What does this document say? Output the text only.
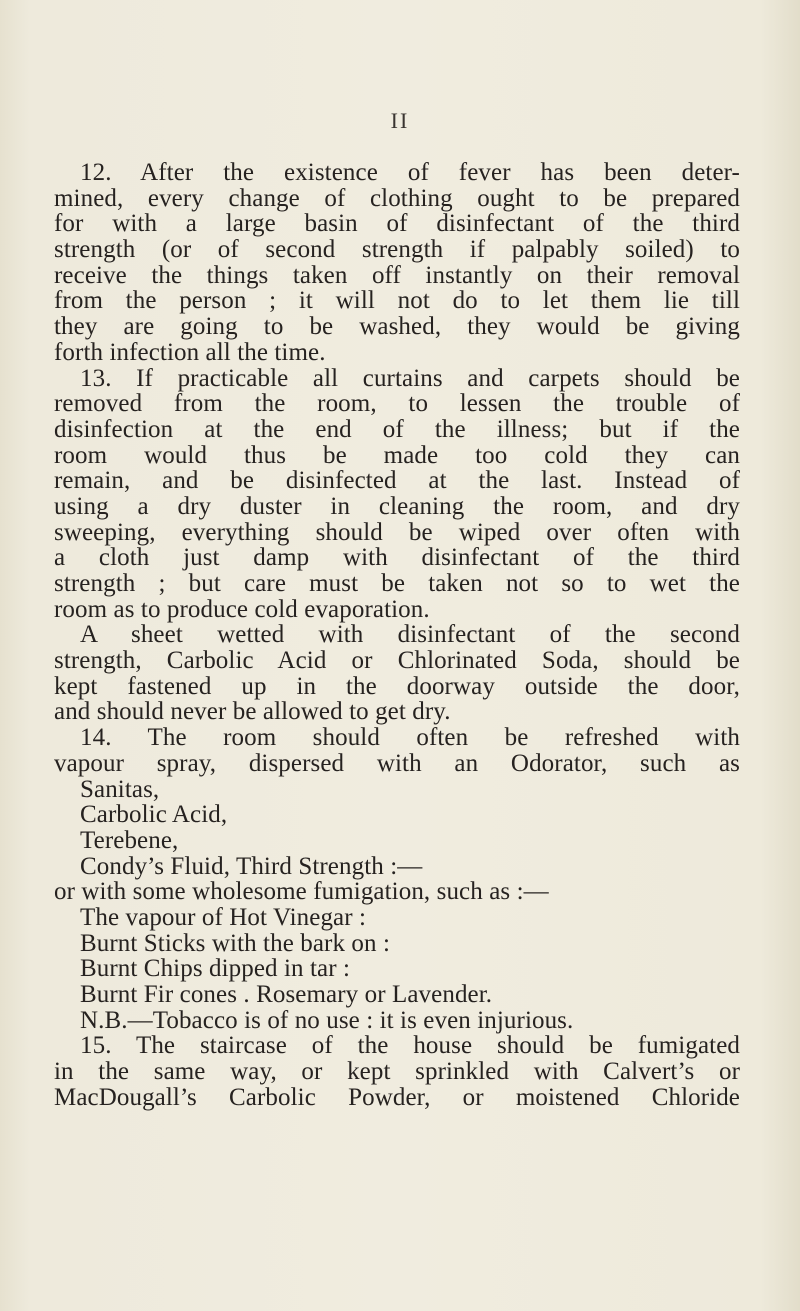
II
12. After the existence of fever has been deter-
mined, every change of clothing ought to be prepared
for with a large basin of disinfectant of the third
strength (or of second strength if palpably soiled) to
receive the things taken off instantly on their removal
from the person ; it will not do to let them lie till
they are going to be washed, they would be giving
forth infection all the time.
13. If practicable all curtains and carpets should be
removed from the room, to lessen the trouble of
disinfection at the end of the illness; but if the
room would thus be made too cold they can
remain, and be disinfected at the last. Instead of
using a dry duster in cleaning the room, and dry
sweeping, everything should be wiped over often with
a cloth just damp with disinfectant of the third
strength ; but care must be taken not so to wet the
room as to produce cold evaporation.
A sheet wetted with disinfectant of the second
strength, Carbolic Acid or Chlorinated Soda, should be
kept fastened up in the doorway outside the door,
and should never be allowed to get dry.
14. The room should often be refreshed with
vapour spray, dispersed with an Odorator, such as
Sanitas,
Carbolic Acid,
Terebene,
Condy’s Fluid, Third Strength :—
or with some wholesome fumigation, such as :—
The vapour of Hot Vinegar :
Burnt Sticks with the bark on :
Burnt Chips dipped in tar :
Burnt Fir cones . Rosemary or Lavender.
N.B.—Tobacco is of no use : it is even injurious.
15. The staircase of the house should be fumigated
in the same way, or kept sprinkled with Calvert’s or
MacDougall’s Carbolic Powder, or moistened Chloride
